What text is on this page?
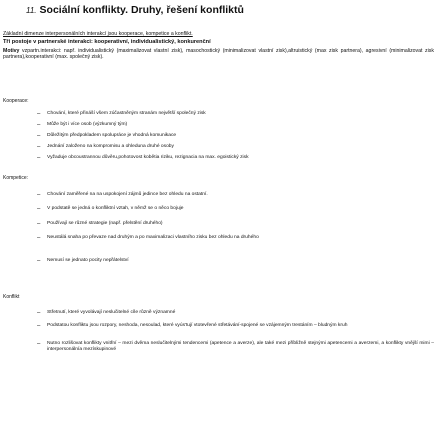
11. Sociální konflikty. Druhy, řešení konfliktů
Základní dimenze interpersonálních interakcí jsou kooperace, kompetice a konflikt.
Tři postoje v partnerské interakci: kooperativní, individualistický, konkurenční
Motivy vzpartn.interakci: např. individualistický (maximalizovat vlastní zisk), masochostický (minimalizovat vlastní zisk),altruistický (max zisk partnera), agresivní (minimalizovat zisk partnera),kooperativní (max. společný zisk).
Kooperace:
– Chování, které přináší všem zúčastněným stranám největší společný zisk
– Může být i více osob (výzkumný tým)
– Důležitým předpokladem spolupráce je vhodná komunikace
– Jednání založeno na kompromisu a ohleduna druhé osoby
– Vyžaduje obcoustrannou důvěru,pohotovost kobětia riziku, rezignacia na max. egoistický zisk
Kompetice:
– Chování zaměřené na na uspokojení zájmů jedince bez ohledu na ostatní.
– V podstatě se jedná o konfliktní vztah, v němž se o něco bojuje
– Používají se různé strategie (např. přelstění druhého)
– Neustálá snaha po převaze nad druhým a po maximalizaci vlastního zisku bez ohledu na druhého
– Nemusí se jednato pocity nepřátelství
Konflikt
– Střetnutí, které vyvolávají neslučitelné cíle různě významné
– Podstatou konfliktu jsou rozpory, neshoda, nesoulad, které vyús'tují vtotevřené střetávání-spojené se vzájemným trestáním – bludným kruh
– Nutno rozlišovat konflikty vnitřní – mezi dvěma neslučitelnými tendencemi (apetence a averze), ale také mezi příbližně stejnými apetencemi a averzemi, a konflikty vnější mimi – interpersonálnía mezískupinové
